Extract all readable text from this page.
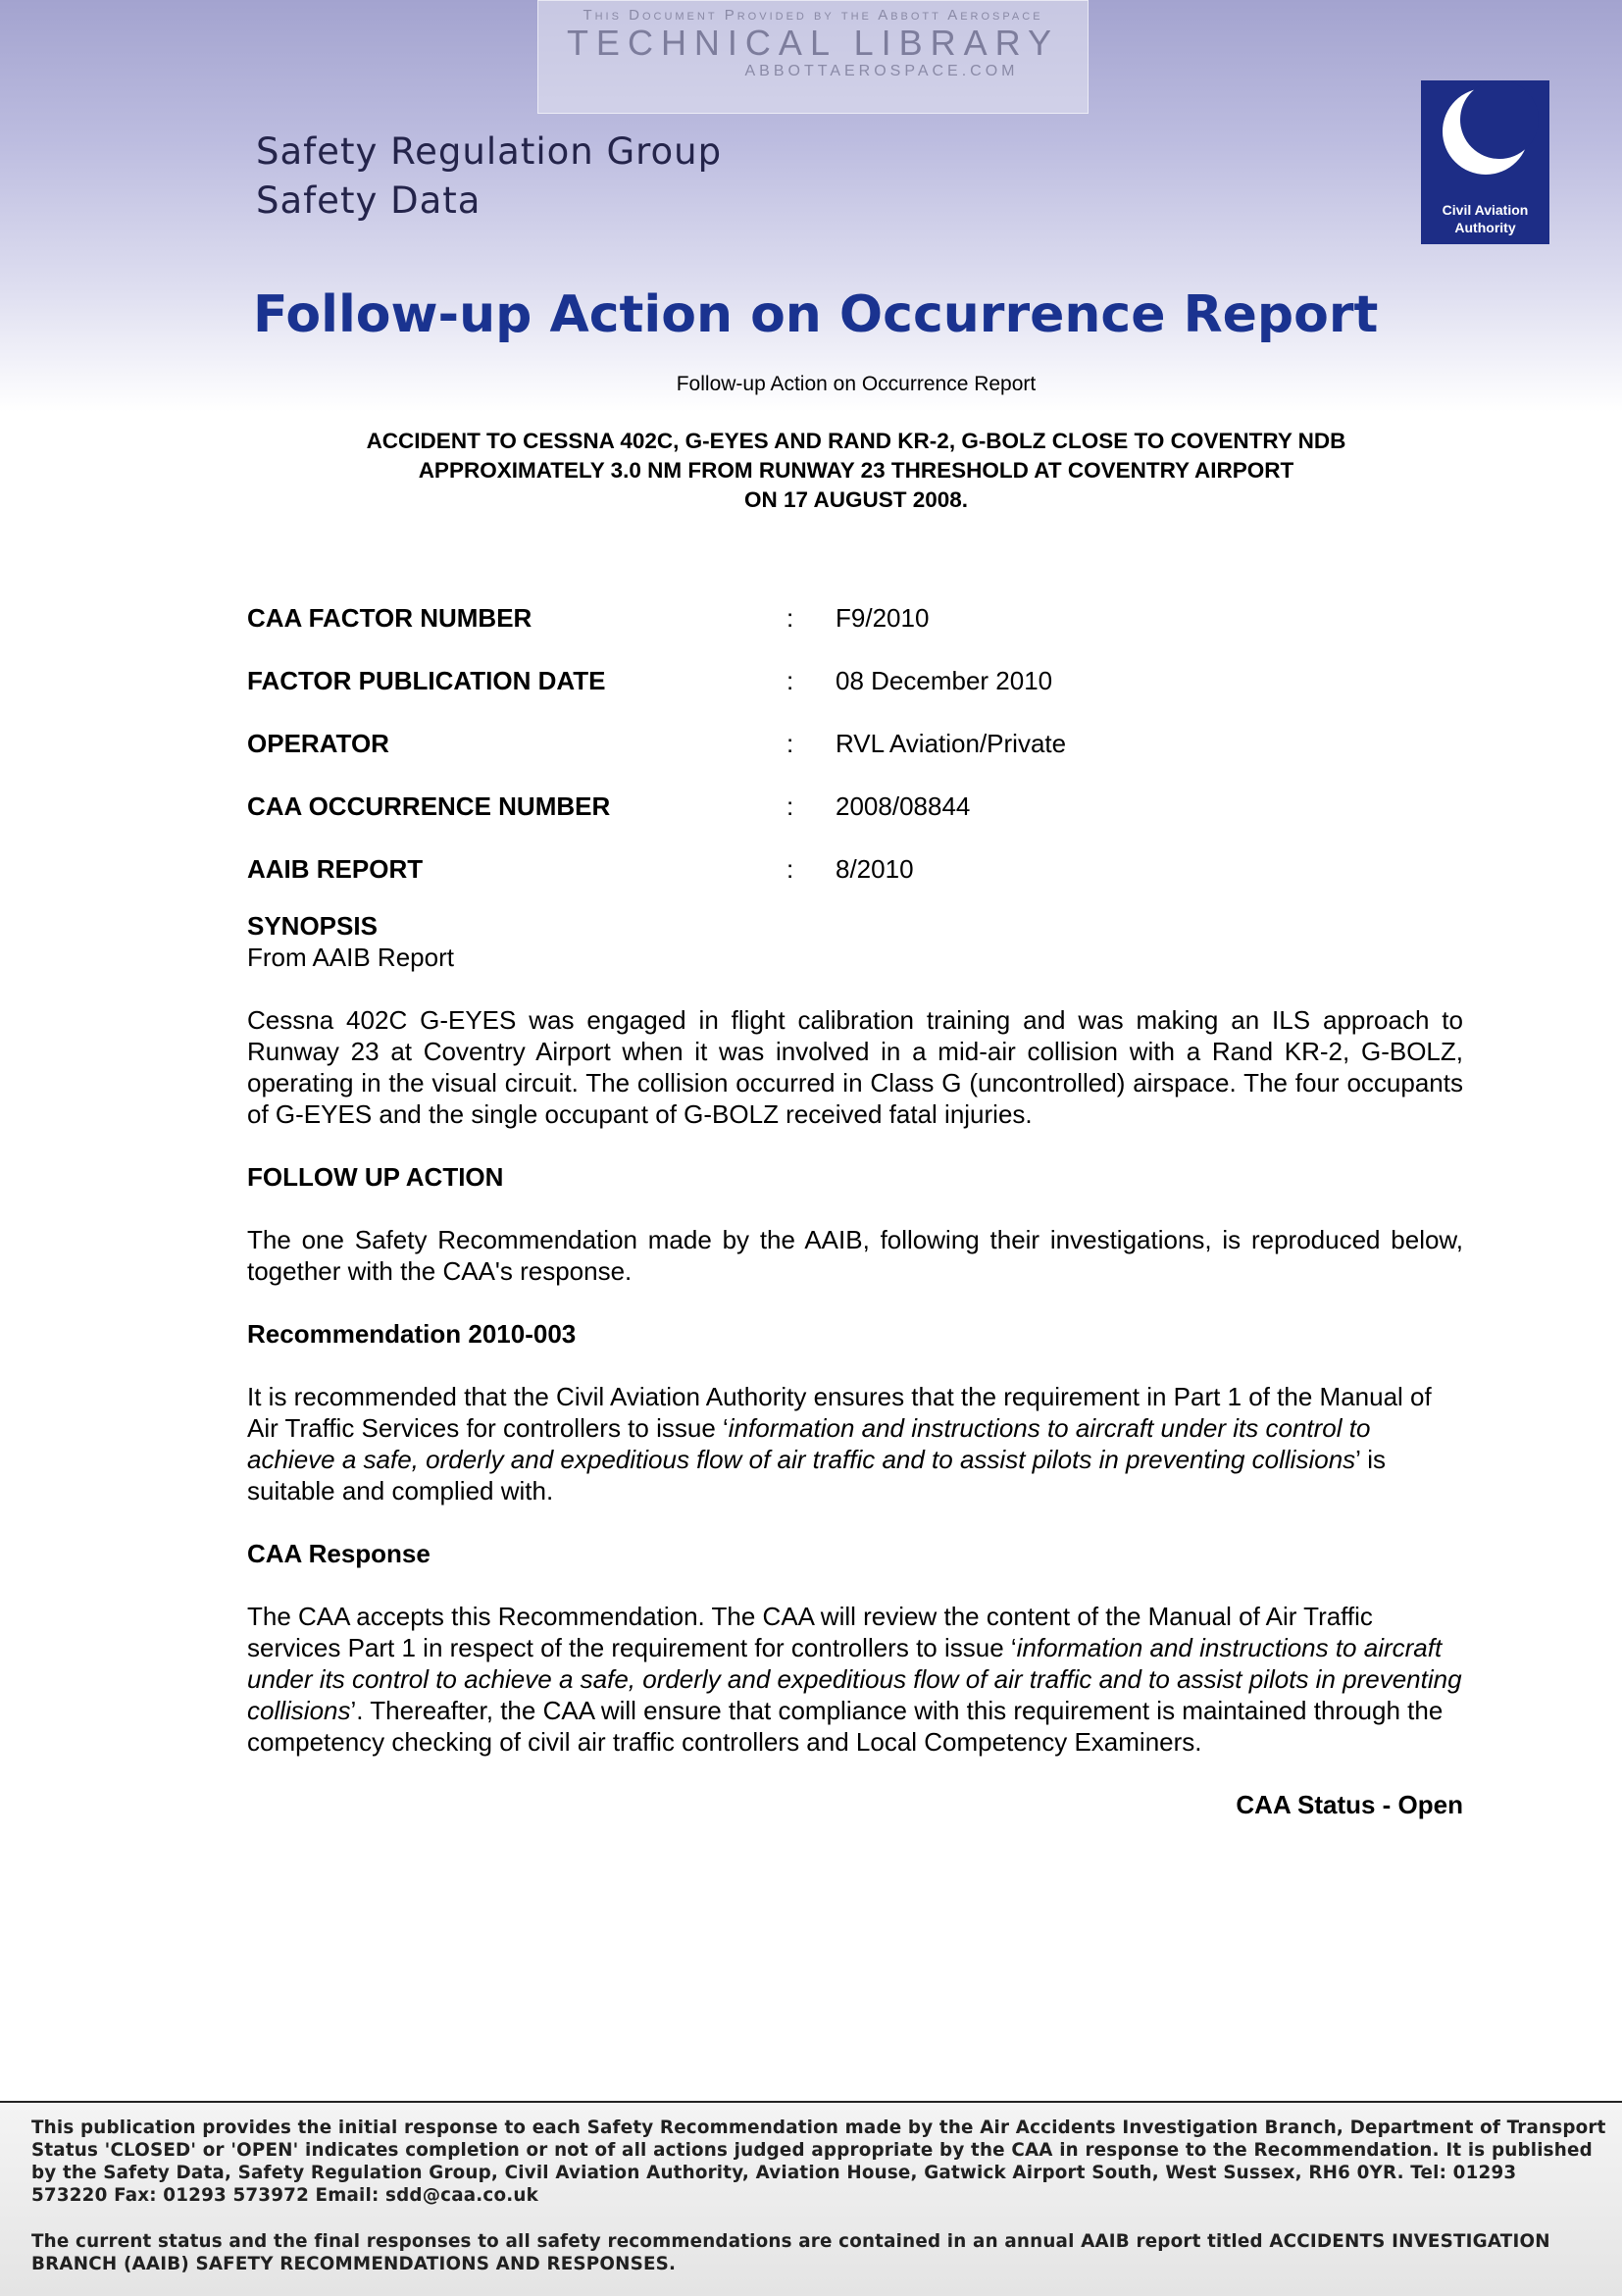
This Document Provided by the Abbott Aerospace
TECHNICAL LIBRARY
ABBOTTAEROSPACE.COM
Safety Regulation Group
Safety Data	Civil Aviation
Authority
Follow-up Action on Occurrence Report
Follow-up Action on Occurrence Report
ACCIDENT TO CESSNA 402C, G-EYES AND RAND KR-2, G-BOLZ CLOSE TO COVENTRY NDB
APPROXIMATELY 3.0 NM FROM RUNWAY 23 THRESHOLD AT COVENTRY AIRPORT
ON 17 AUGUST 2008.
CAA FACTOR NUMBER	: F9/2010
FACTOR PUBLICATION DATE	: 08 December 2010
OPERATOR	: RVL Aviation/Private
CAA OCCURRENCE NUMBER	: 2008/08844
AAIB REPORT	: 8/2010

SYNOPSIS

From AAIB Report

Cessna 402C G-EYES was engaged in flight calibration training and was making an ILS approach to Runway 23 at Coventry Airport when it was involved in a mid-air collision with a Rand KR-2, G-BOLZ, operating in the visual circuit. The collision occurred in Class G (uncontrolled) airspace. The four occupants of G-EYES and the single occupant of G-BOLZ received fatal injuries.

FOLLOW UP ACTION

The one Safety Recommendation made by the AAIB, following their investigations, is reproduced below, together with the CAA's response.

Recommendation 2010-003

It is recommended that the Civil Aviation Authority ensures that the requirement in Part 1 of the Manual of Air Traffic Services for controllers to issue ‘information and instructions to aircraft under its control to achieve a safe, orderly and expeditious flow of air traffic and to assist pilots in preventing collisions’ is suitable and complied with.

CAA Response

The CAA accepts this Recommendation. The CAA will review the content of the Manual of Air Traffic services Part 1 in respect of the requirement for controllers to issue ‘information and instructions to aircraft under its control to achieve a safe, orderly and expeditious flow of air traffic and to assist pilots in preventing collisions’. Thereafter, the CAA will ensure that compliance with this requirement is maintained through the competency checking of civil air traffic controllers and Local Competency Examiners.

CAA Status - Open

This publication provides the initial response to each Safety Recommendation made by the Air Accidents Investigation Branch, Department of Transport
Status 'CLOSED' or 'OPEN' indicates completion or not of all actions judged appropriate by the CAA in response to the Recommendation. It is published
by the Safety Data, Safety Regulation Group, Civil Aviation Authority, Aviation House, Gatwick Airport South, West Sussex, RH6 0YR. Tel: 01293
573220 Fax: 01293 573972 Email: sdd@caa.co.uk
The current status and the final responses to all safety recommendations are contained in an annual AAIB report titled ACCIDENTS INVESTIGATION
BRANCH (AAIB) SAFETY RECOMMENDATIONS AND RESPONSES.
